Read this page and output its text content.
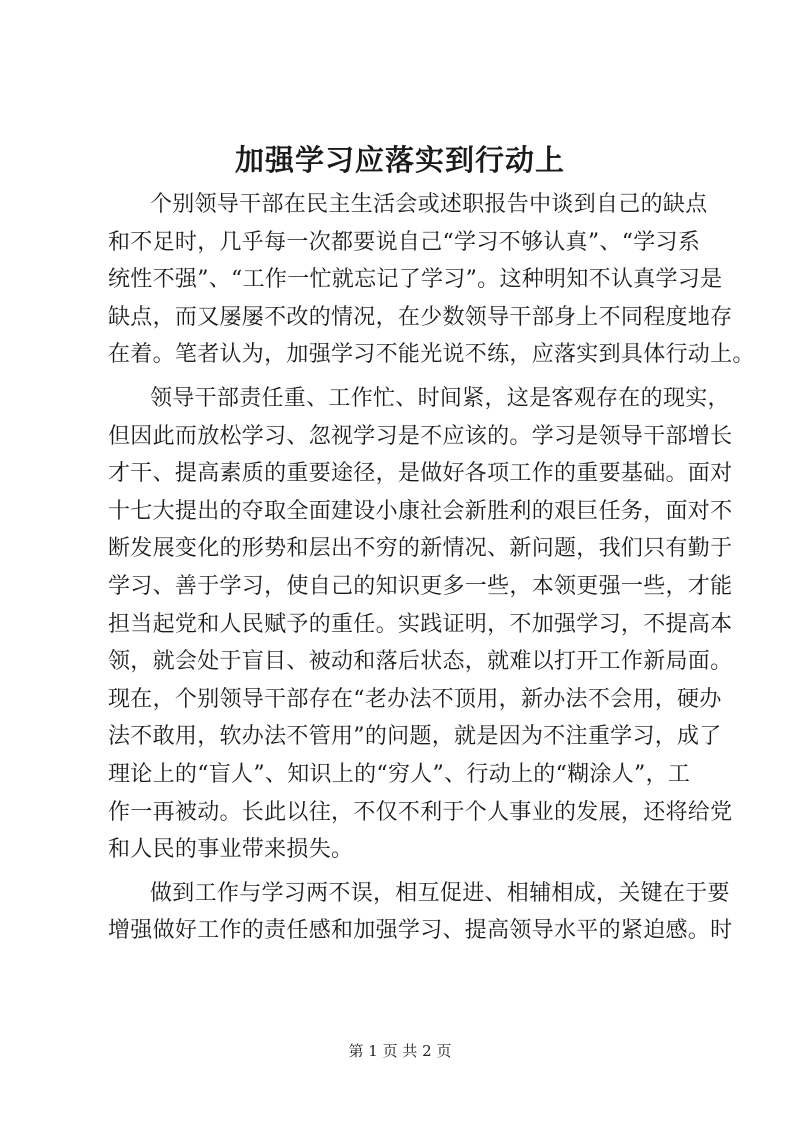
加强学习应落实到行动上
个别领导干部在民主生活会或述职报告中谈到自己的缺点
和不足时，几乎每一次都要说自己“学习不够认真”、“学习系
统性不强”、“工作一忙就忘记了学习”。这种明知不认真学习是
缺点，而又屡屡不改的情况，在少数领导干部身上不同程度地存
在着。笔者认为，加强学习不能光说不练，应落实到具体行动上。
领导干部责任重、工作忙、时间紧，这是客观存在的现实，
但因此而放松学习、忽视学习是不应该的。学习是领导干部增长
才干、提高素质的重要途径，是做好各项工作的重要基础。面对
十七大提出的夺取全面建设小康社会新胜利的艰巨任务，面对不
断发展变化的形势和层出不穷的新情况、新问题，我们只有勤于
学习、善于学习，使自己的知识更多一些，本领更强一些，才能
担当起党和人民赋予的重任。实践证明，不加强学习，不提高本
领，就会处于盲目、被动和落后状态，就难以打开工作新局面。
现在，个别领导干部存在“老办法不顶用，新办法不会用，硬办
法不敢用，软办法不管用”的问题，就是因为不注重学习，成了
理论上的“盲人”、知识上的“穷人”、行动上的“糊涂人”，工
作一再被动。长此以往，不仅不利于个人事业的发展，还将给党
和人民的事业带来损失。
做到工作与学习两不误，相互促进、相辅相成，关键在于要
增强做好工作的责任感和加强学习、提高领导水平的紧迫感。时
第 1 页 共 2 页
